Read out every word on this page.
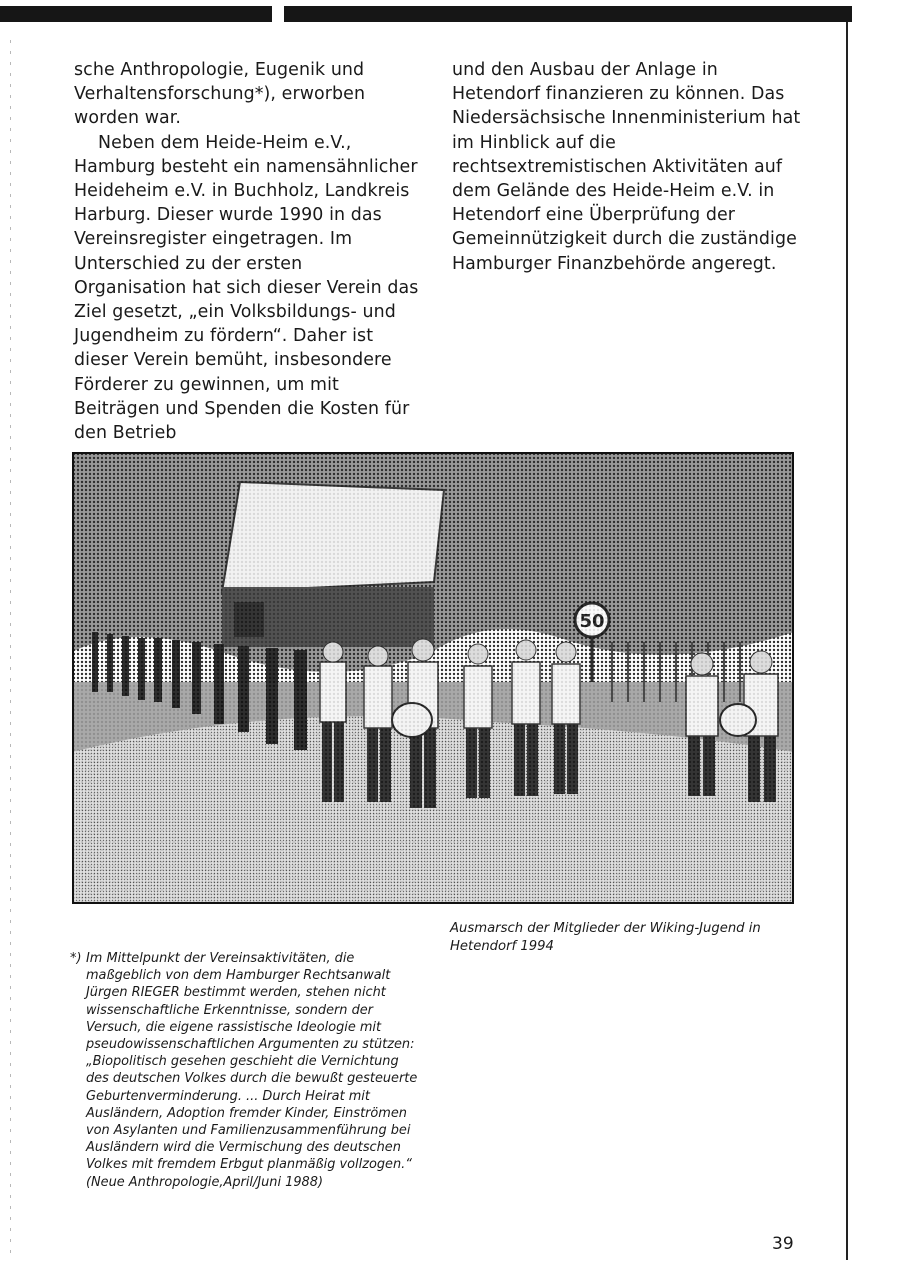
sche Anthropologie, Eugenik und Verhaltensforschung*), erworben worden war.

Neben dem Heide-Heim e.V., Hamburg besteht ein namensähnlicher Heideheim e.V. in Buchholz, Landkreis Harburg. Dieser wurde 1990 in das Vereinsregister eingetragen. Im Unterschied zu der ersten Organisation hat sich dieser Verein das Ziel gesetzt, „ein Volksbildungs- und Jugendheim zu fördern“. Daher ist dieser Verein bemüht, insbesondere Förderer zu gewinnen, um mit Beiträgen und Spenden die Kosten für den Betrieb

und den Ausbau der Anlage in Hetendorf finanzieren zu können. Das Niedersächsische Innenministerium hat im Hinblick auf die rechtsextremistischen Aktivitäten auf dem Gelände des Heide-Heim e.V. in Hetendorf eine Überprüfung der Gemeinnützigkeit durch die zuständige Hamburger Finanzbehörde angeregt.

50
Ausmarsch der Mitglieder der Wiking-Jugend in Hetendorf 1994
*) Im Mittelpunkt der Vereinsaktivitäten, die maßgeblich von dem Hamburger Rechtsanwalt Jürgen RIEGER bestimmt werden, stehen nicht wissenschaftliche Erkenntnisse, sondern der Versuch, die eigene rassistische Ideologie mit pseudowissenschaftlichen Argumenten zu stützen: „Biopolitisch gesehen geschieht die Vernichtung des deutschen Volkes durch die bewußt gesteuerte Geburtenverminderung. ... Durch Heirat mit Ausländern, Adoption fremder Kinder, Einströmen von Asylanten und Familienzusammenführung bei Ausländern wird die Vermischung des deutschen Volkes mit fremdem Erbgut planmäßig vollzogen.“ (Neue Anthropologie,April/Juni 1988)
39
